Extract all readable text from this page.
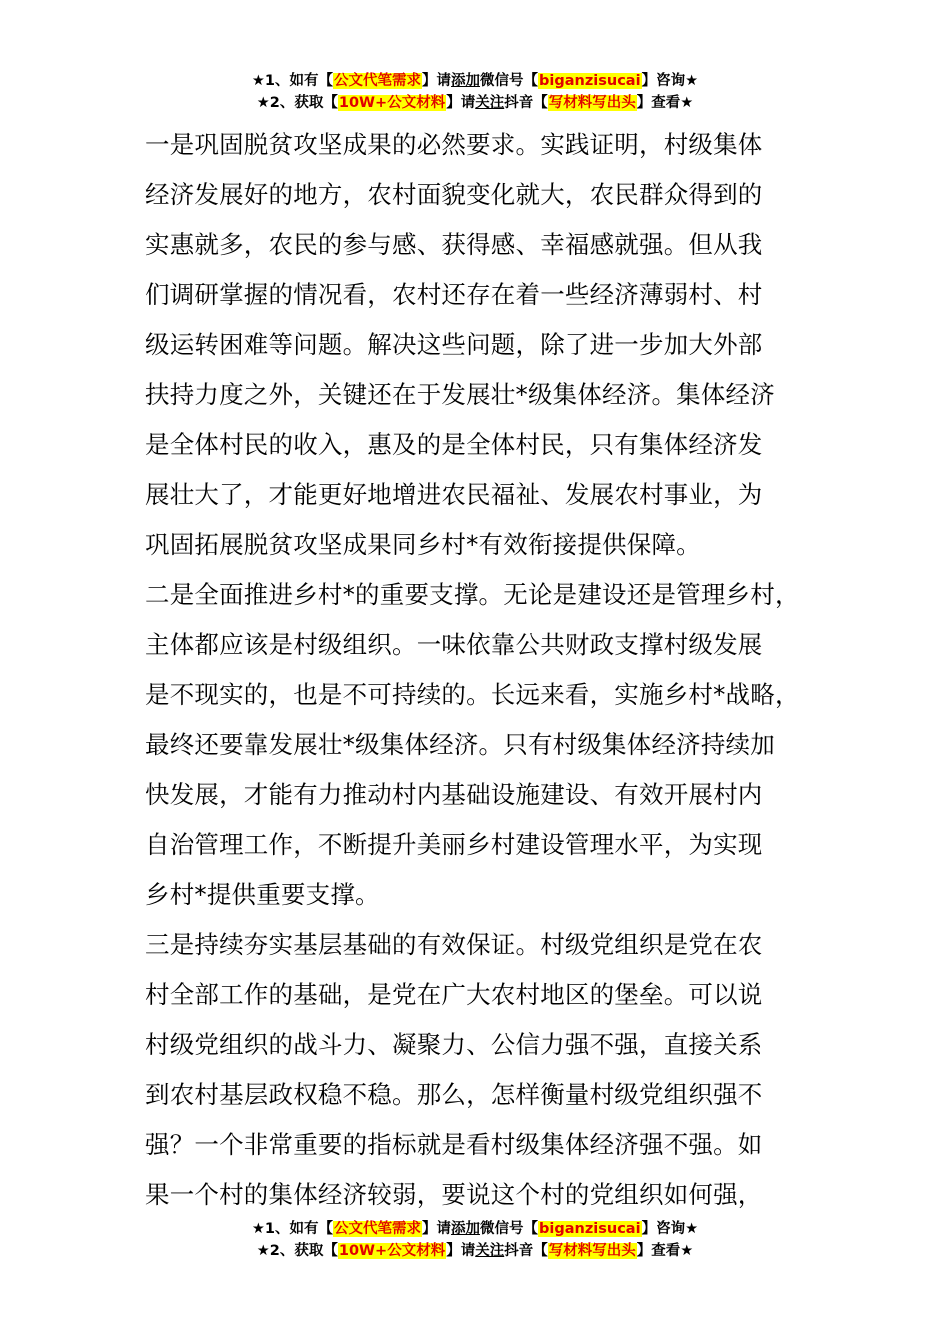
★1、如有【公文代笔需求】请添加微信号【biganzisucai】咨询★
★2、获取【10W+公文材料】请关注抖音【写材料写出头】查看★
一是巩固脱贫攻坚成果的必然要求。实践证明，村级集体
经济发展好的地方，农村面貌变化就大，农民群众得到的
实惠就多，农民的参与感、获得感、幸福感就强。但从我
们调研掌握的情况看，农村还存在着一些经济薄弱村、村
级运转困难等问题。解决这些问题，除了进一步加大外部
扶持力度之外，关键还在于发展壮*级集体经济。集体经济
是全体村民的收入，惠及的是全体村民，只有集体经济发
展壮大了，才能更好地增进农民福祉、发展农村事业，为
巩固拓展脱贫攻坚成果同乡村*有效衔接提供保障。
二是全面推进乡村*的重要支撑。无论是建设还是管理乡村，
主体都应该是村级组织。一味依靠公共财政支撑村级发展
是不现实的，也是不可持续的。长远来看，实施乡村*战略，
最终还要靠发展壮*级集体经济。只有村级集体经济持续加
快发展，才能有力推动村内基础设施建设、有效开展村内
自治管理工作，不断提升美丽乡村建设管理水平，为实现
乡村*提供重要支撑。
三是持续夯实基层基础的有效保证。村级党组织是党在农
村全部工作的基础，是党在广大农村地区的堡垒。可以说
村级党组织的战斗力、凝聚力、公信力强不强，直接关系
到农村基层政权稳不稳。那么，怎样衡量村级党组织强不
强？一个非常重要的指标就是看村级集体经济强不强。如
果一个村的集体经济较弱，要说这个村的党组织如何强，
★1、如有【公文代笔需求】请添加微信号【biganzisucai】咨询★
★2、获取【10W+公文材料】请关注抖音【写材料写出头】查看★
